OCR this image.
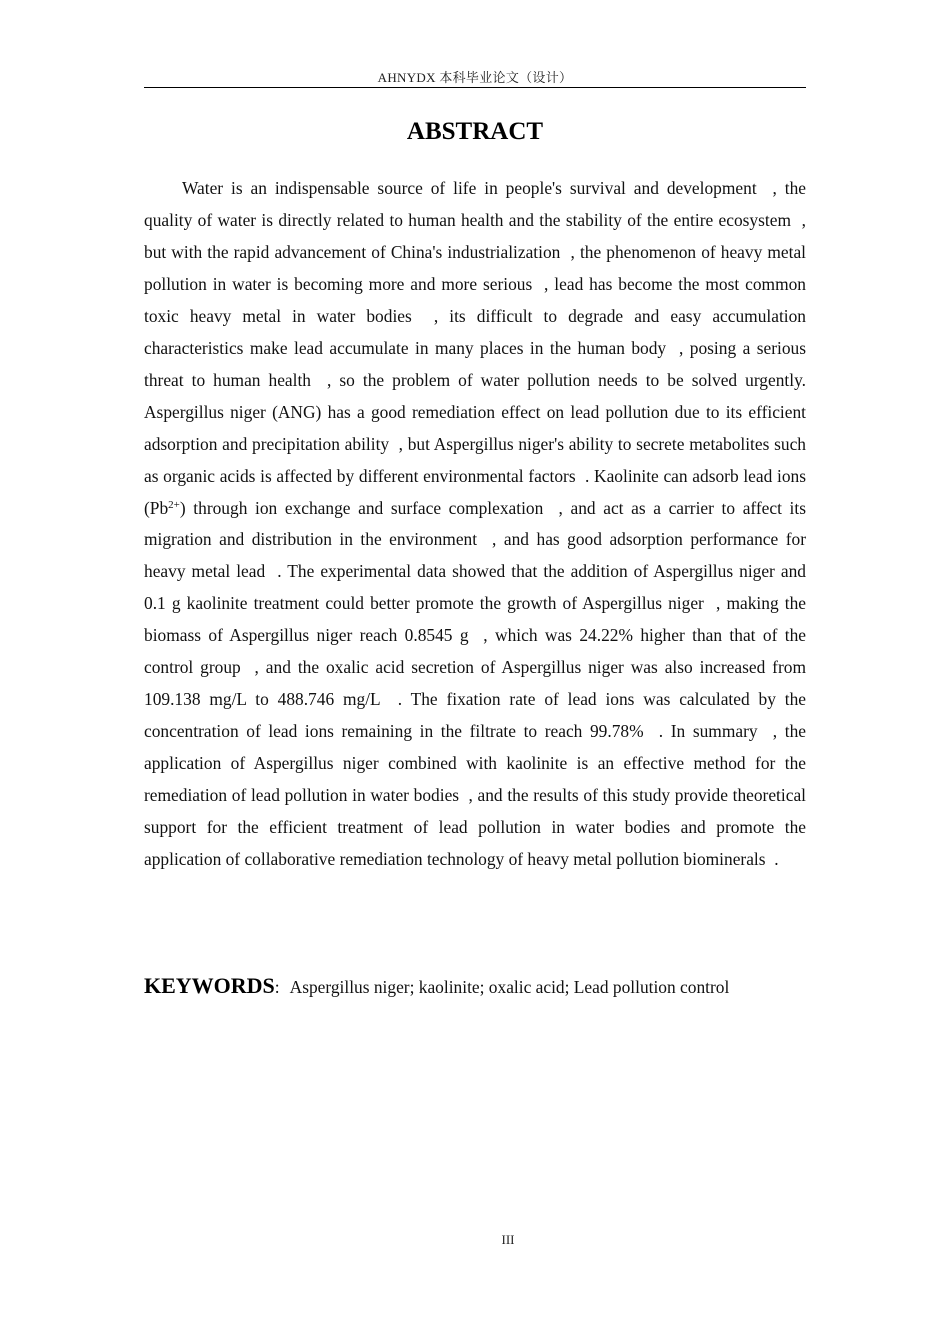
AHNYDX 本科毕业论文（设计）
ABSTRACT

Water is an indispensable source of life in people's survival and development  , the quality of water is directly related to human health and the stability of the entire ecosystem  , but with the rapid advancement of China's industrialization  , the phenomenon of heavy metal pollution in water is becoming more and more serious  , lead has become the most common toxic heavy metal in water bodies  , its difficult to degrade and easy accumulation characteristics make lead accumulate in many places in the human body  , posing a serious threat to human health  , so the problem of water pollution needs to be solved urgently. Aspergillus niger (ANG) has a good remediation effect on lead pollution due to its efficient adsorption and precipitation ability  , but Aspergillus niger's ability to secrete metabolites such as organic acids is affected by different environmental factors  . Kaolinite can adsorb lead ions $(Pb^{2+})$ through ion exchange and surface complexation  , and act as a carrier to affect its migration and distribution in the environment  , and has good adsorption performance for heavy metal lead  . The experimental data showed that the addition of Aspergillus niger and 0.1 g kaolinite treatment could better promote the growth of Aspergillus niger  , making the biomass of Aspergillus niger reach 0.8545 g  , which was 24.22% higher than that of the control group  , and the oxalic acid secretion of Aspergillus niger was also increased from 109.138 mg/L to 488.746 mg/L  . The fixation rate of lead ions was calculated by the concentration of lead ions remaining in the filtrate to reach 99.78%  . In summary  , the application of Aspergillus niger combined with kaolinite is an effective method for the remediation of lead pollution in water bodies  , and the results of this study provide theoretical support for the efficient treatment of lead pollution in water bodies and promote the application of collaborative remediation technology of heavy metal pollution biominerals  .

KEYWORDS: Aspergillus niger; kaolinite; oxalic acid; Lead pollution control
III
